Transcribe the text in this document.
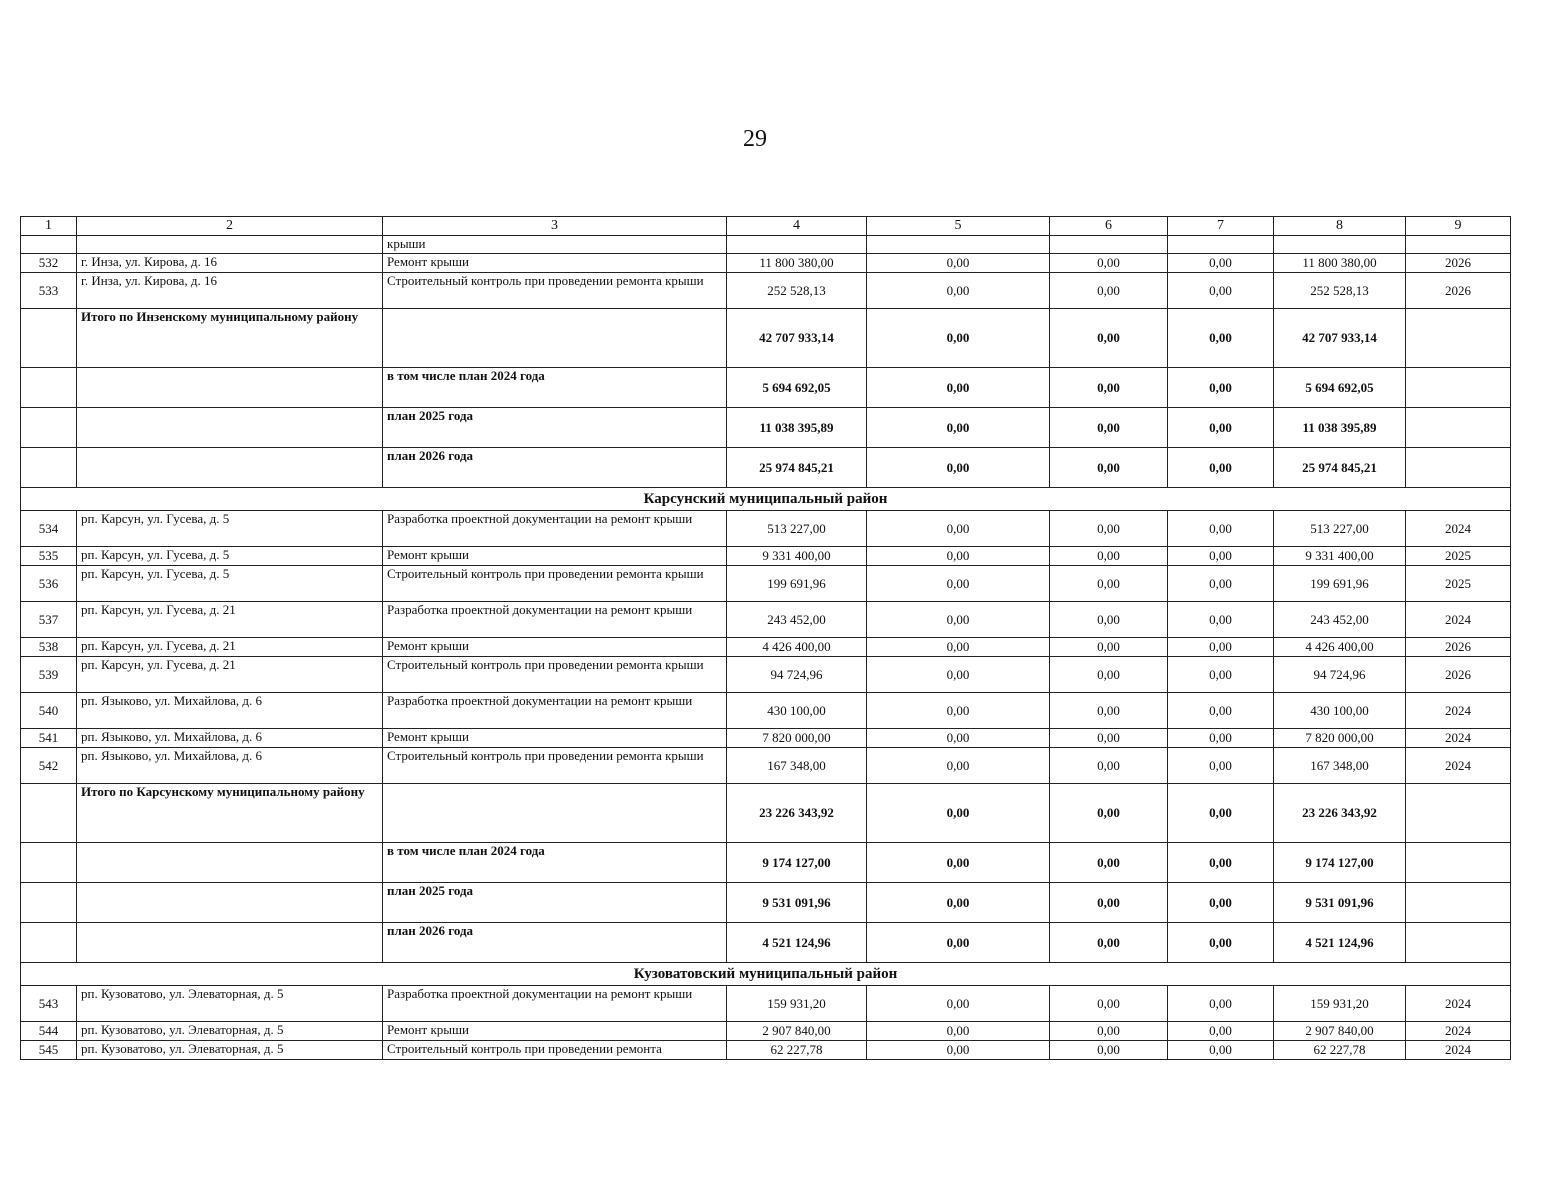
29
1	2	3	4	5	6	7	8	9
		крыши						
532	г. Инза, ул. Кирова, д. 16	Ремонт крыши	11 800 380,00	0,00	0,00	0,00	11 800 380,00	2026
533	г. Инза, ул. Кирова, д. 16	Строительный контроль при проведении ремонта крыши	252 528,13	0,00	0,00	0,00	252 528,13	2026
	Итого по Инзенскому муниципальному району		42 707 933,14	0,00	0,00	0,00	42 707 933,14	
		в том числе план 2024 года	5 694 692,05	0,00	0,00	0,00	5 694 692,05	
		план 2025 года	11 038 395,89	0,00	0,00	0,00	11 038 395,89	
		план 2026 года	25 974 845,21	0,00	0,00	0,00	25 974 845,21	
Карсунский муниципальный район								
534	рп. Карсун, ул. Гусева, д. 5	Разработка проектной документации на ремонт крыши	513 227,00	0,00	0,00	0,00	513 227,00	2024
535	рп. Карсун, ул. Гусева, д. 5	Ремонт крыши	9 331 400,00	0,00	0,00	0,00	9 331 400,00	2025
536	рп. Карсун, ул. Гусева, д. 5	Строительный контроль при проведении ремонта крыши	199 691,96	0,00	0,00	0,00	199 691,96	2025
537	рп. Карсун, ул. Гусева, д. 21	Разработка проектной документации на ремонт крыши	243 452,00	0,00	0,00	0,00	243 452,00	2024
538	рп. Карсун, ул. Гусева, д. 21	Ремонт крыши	4 426 400,00	0,00	0,00	0,00	4 426 400,00	2026
539	рп. Карсун, ул. Гусева, д. 21	Строительный контроль при проведении ремонта крыши	94 724,96	0,00	0,00	0,00	94 724,96	2026
540	рп. Языково, ул. Михайлова, д. 6	Разработка проектной документации на ремонт крыши	430 100,00	0,00	0,00	0,00	430 100,00	2024
541	рп. Языково, ул. Михайлова, д. 6	Ремонт крыши	7 820 000,00	0,00	0,00	0,00	7 820 000,00	2024
542	рп. Языково, ул. Михайлова, д. 6	Строительный контроль при проведении ремонта крыши	167 348,00	0,00	0,00	0,00	167 348,00	2024
	Итого по Карсунскому муниципальному району		23 226 343,92	0,00	0,00	0,00	23 226 343,92	
		в том числе план 2024 года	9 174 127,00	0,00	0,00	0,00	9 174 127,00	
		план 2025 года	9 531 091,96	0,00	0,00	0,00	9 531 091,96	
		план 2026 года	4 521 124,96	0,00	0,00	0,00	4 521 124,96	
Кузоватовский муниципальный район								
543	рп. Кузоватово, ул. Элеваторная, д. 5	Разработка проектной документации на ремонт крыши	159 931,20	0,00	0,00	0,00	159 931,20	2024
544	рп. Кузоватово, ул. Элеваторная, д. 5	Ремонт крыши	2 907 840,00	0,00	0,00	0,00	2 907 840,00	2024
545	рп. Кузоватово, ул. Элеваторная, д. 5	Строительный контроль при проведении ремонта	62 227,78	0,00	0,00	0,00	62 227,78	2024
